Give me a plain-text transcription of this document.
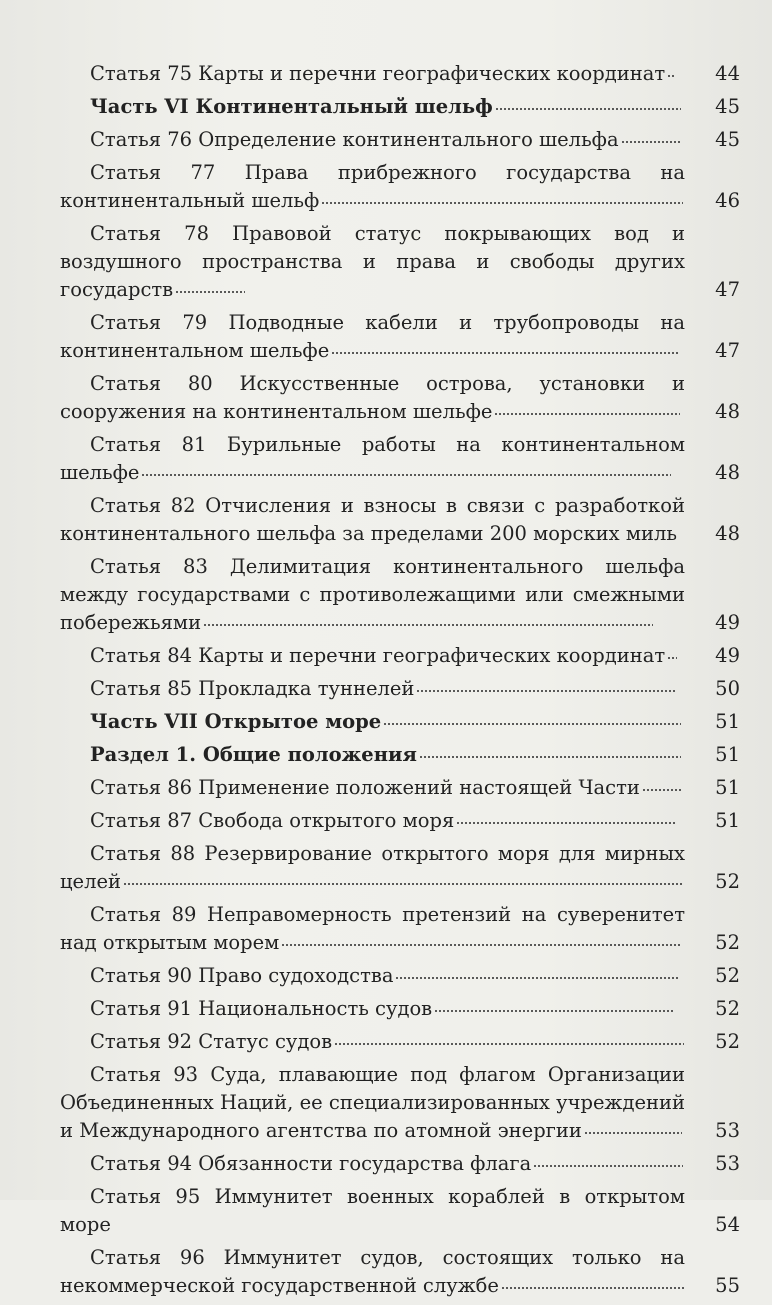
Статья 75 Карты и перечни географических координат	44
Часть VI Континентальный шельф	45
Статья 76 Определение континентального шельфа	45
Статья 77 Права прибрежного государства на континентальный шельф	46
Статья 78 Правовой статус покрывающих вод и воздушного пространства и права и свободы других государств	47
Статья 79 Подводные кабели и трубопроводы на континентальном шельфе	47
Статья 80 Искусственные острова, установки и сооружения на континентальном шельфе	48
Статья 81 Бурильные работы на континентальном шельфе	48
Статья 82 Отчисления и взносы в связи с разработкой континентального шельфа за пределами 200 морских миль	48
Статья 83 Делимитация континентального шельфа между государствами с противолежащими или смежными побережьями	49
Статья 84 Карты и перечни географических координат	49
Статья 85 Прокладка туннелей	50
Часть VII Открытое море	51
Раздел 1. Общие положения	51
Статья 86 Применение положений настоящей Части	51
Статья 87 Свобода открытого моря	51
Статья 88 Резервирование открытого моря для мирных целей	52
Статья 89 Неправомерность претензий на суверенитет над открытым морем	52
Статья 90 Право судоходства	52
Статья 91 Национальность судов	52
Статья 92 Статус судов	52
Статья 93 Суда, плавающие под флагом Организации Объединенных Наций, ее специализированных учреждений и Международного агентства по атомной энергии	53
Статья 94 Обязанности государства флага	53
Статья 95 Иммунитет военных кораблей в открытом море	54
Статья 96 Иммунитет судов, состоящих только на некоммерческой государственной службе	55
